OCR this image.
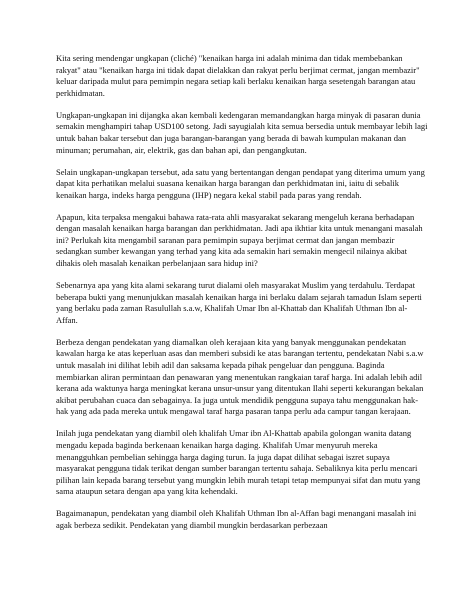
Kita sering mendengar ungkapan (cliché) "kenaikan harga ini adalah minima dan tidak membebankan rakyat" atau "kenaikan harga ini tidak dapat dielakkan dan rakyat perlu berjimat cermat, jangan membazir" keluar daripada mulut para pemimpin negara setiap kali berlaku kenaikan harga sesetengah barangan atau perkhidmatan.

Ungkapan-ungkapan ini dijangka akan kembali kedengaran memandangkan harga minyak di pasaran dunia semakin menghampiri tahap USD100 setong. Jadi sayugialah kita semua bersedia untuk membayar lebih lagi untuk bahan bakar tersebut dan juga barangan-barangan yang berada di bawah kumpulan makanan dan minuman; perumahan, air, elektrik, gas dan bahan api, dan pengangkutan.

Selain ungkapan-ungkapan tersebut, ada satu yang bertentangan dengan pendapat yang diterima umum yang dapat kita perhatikan melalui suasana kenaikan harga barangan dan perkhidmatan ini, iaitu di sebalik kenaikan harga, indeks harga pengguna (IHP) negara kekal stabil pada paras yang rendah.

Apapun, kita terpaksa mengakui bahawa rata-rata ahli masyarakat sekarang mengeluh kerana berhadapan dengan masalah kenaikan harga barangan dan perkhidmatan. Jadi apa ikhtiar kita untuk menangani masalah ini? Perlukah kita mengambil saranan para pemimpin supaya berjimat cermat dan jangan membazir sedangkan sumber kewangan yang terhad yang kita ada semakin hari semakin mengecil nilainya akibat dihakis oleh masalah kenaikan perbelanjaan sara hidup ini?

Sebenarnya apa yang kita alami sekarang turut dialami oleh masyarakat Muslim yang terdahulu. Terdapat beberapa bukti yang menunjukkan masalah kenaikan harga ini berlaku dalam sejarah tamadun Islam seperti yang berlaku pada zaman Rasulullah s.a.w, Khalifah Umar Ibn al-Khattab dan Khalifah Uthman Ibn al-Affan.

Berbeza dengan pendekatan yang diamalkan oleh kerajaan kita yang banyak menggunakan pendekatan kawalan harga ke atas keperluan asas dan memberi subsidi ke atas barangan tertentu, pendekatan Nabi s.a.w untuk masalah ini dilihat lebih adil dan saksama kepada pihak pengeluar dan pengguna. Baginda membiarkan aliran permintaan dan penawaran yang menentukan rangkaian taraf harga. Ini adalah lebih adil kerana ada waktunya harga meningkat kerana unsur-unsur yang ditentukan Ilahi seperti kekurangan bekalan akibat perubahan cuaca dan sebagainya. Ia juga untuk mendidik pengguna supaya tahu menggunakan hak-hak yang ada pada mereka untuk mengawal taraf harga pasaran tanpa perlu ada campur tangan kerajaan.

Inilah juga pendekatan yang diambil oleh khalifah Umar ibn Al-Khattab apabila golongan wanita datang mengadu kepada baginda berkenaan kenaikan harga daging. Khalifah Umar menyuruh mereka menangguhkan pembelian sehingga harga daging turun. Ia juga dapat dilihat sebagai iszret supaya masyarakat pengguna tidak terikat dengan sumber barangan tertentu sahaja. Sebaliknya kita perlu mencari pilihan lain kepada barang tersebut yang mungkin lebih murah tetapi tetap mempunyai sifat dan mutu yang sama ataupun setara dengan apa yang kita kehendaki.

Bagaimanapun, pendekatan yang diambil oleh Khalifah Uthman Ibn al-Affan bagi menangani masalah ini agak berbeza sedikit. Pendekatan yang diambil mungkin berdasarkan perbezaan
